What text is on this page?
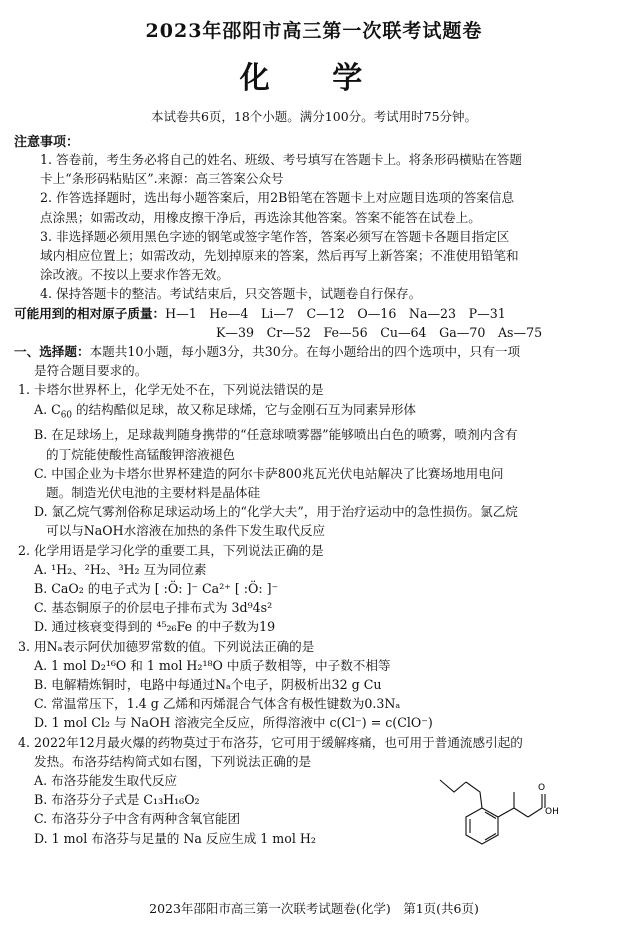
2023年邵阳市高三第一次联考试题卷
化 学
本试卷共6页，18个小题。满分100分。考试用时75分钟。
注意事项：
1. 答卷前，考生务必将自己的姓名、班级、考号填写在答题卡上。将条形码横贴在答题
卡上“条形码粘贴区”.来源：高三答案公众号
2. 作答选择题时，选出每小题答案后，用2B铅笔在答题卡上对应题目选项的答案信息
点涂黑；如需改动，用橡皮擦干净后，再选涂其他答案。答案不能答在试卷上。
3. 非选择题必须用黑色字迹的钢笔或签字笔作答，答案必须写在答题卡各题目指定区
域内相应位置上；如需改动，先划掉原来的答案，然后再写上新答案；不准使用铅笔和
涂改液。不按以上要求作答无效。
4. 保持答题卡的整洁。考试结束后，只交答题卡，试题卷自行保存。
可能用到的相对原子质量：H—1　He—4　Li—7　C—12　O—16　Na—23　P—31
K—39　Cr—52　Fe—56　Cu—64　Ga—70　As—75
一、选择题：本题共10小题，每小题3分，共30分。在每小题给出的四个选项中，只有一项
是符合题目要求的。
1. 卡塔尔世界杯上，化学无处不在，下列说法错误的是
A. $C_{60}$ 的结构酷似足球，故又称足球烯，它与金刚石互为同素异形体
B. 在足球场上，足球裁判随身携带的“任意球喷雾器”能够喷出白色的喷雾，喷剂内含有
的丁烷能使酸性高锰酸钾溶液褪色
C. 中国企业为卡塔尔世界杯建造的阿尔卡萨800兆瓦光伏电站解决了比赛场地用电问
题。制造光伏电池的主要材料是晶体硅
D. 氯乙烷气雾剂俗称足球运动场上的“化学大夫”，用于治疗运动中的急性损伤。氯乙烷
可以与NaOH水溶液在加热的条件下发生取代反应
2. 化学用语是学习化学的重要工具，下列说法正确的是
A. ¹H₂、²H₂、³H₂ 互为同位素
B. CaO₂ 的电子式为 [ :Ö: ]⁻ Ca²⁺ [ :Ö: ]⁻
C. 基态铜原子的价层电子排布式为 3d⁹4s²
D. 通过核衰变得到的 ⁴⁵₂₆Fe 的中子数为19
3. 用Nₐ表示阿伏加德罗常数的值。下列说法正确的是
A. 1 mol D₂¹⁶O 和 1 mol H₂¹⁸O 中质子数相等，中子数不相等
B. 电解精炼铜时，电路中每通过Nₐ个电子，阴极析出32 g Cu
C. 常温常压下，1.4 g 乙烯和丙烯混合气体含有极性键数为0.3Nₐ
D. 1 mol Cl₂ 与 NaOH 溶液完全反应，所得溶液中 c(Cl⁻) = c(ClO⁻)
4. 2022年12月最火爆的药物莫过于布洛芬，它可用于缓解疼痛，也可用于普通流感引起的
发热。布洛芬结构简式如右图，下列说法正确的是
A. 布洛芬能发生取代反应
B. 布洛芬分子式是 C₁₃H₁₆O₂
C. 布洛芬分子中含有两种含氧官能团
D. 1 mol 布洛芬与足量的 Na 反应生成 1 mol H₂
O
OH
2023年邵阳市高三第一次联考试题卷(化学)　第1页(共6页)
